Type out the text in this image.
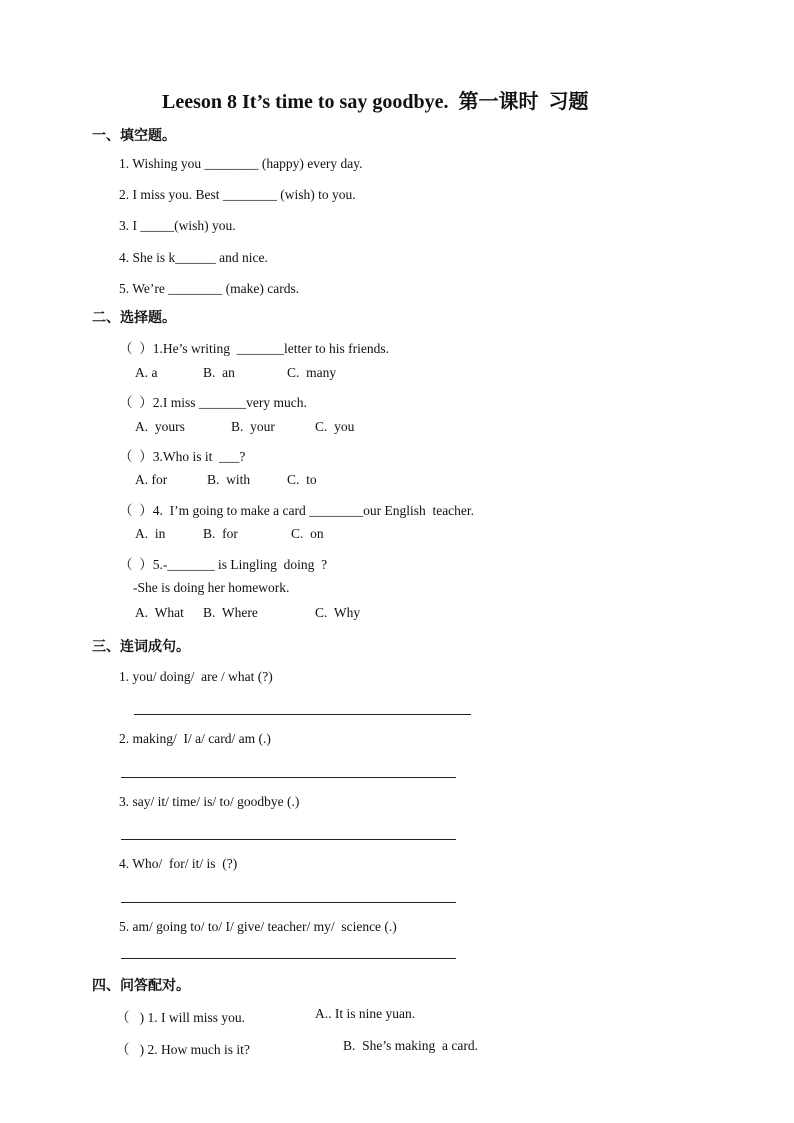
Leeson 8 It’s time to say goodbye.  第一课时  习题
一、填空题。
1. Wishing you ________ (happy) every day.
2. I miss you. Best ________ (wish) to you.
3. I _____(wish) you.
4. She is k______ and nice.
5. We’re ________ (make) cards.
二、选择题。
（  ）1.He’s writing  _______letter to his friends.
A. a	B.  an	C.  many
（  ）2.I miss _______very much.
A.  yours	B.  your	C.  you
（  ）3.Who is it  ___?
A. for	B.  with	C.  to
（  ）4.  I’m going to make a card ________our English  teacher.
A.  in	B.  for	C.  on
（  ）5.-_______ is Lingling  doing  ?
-She is doing her homework.
A.  What B.  Where	C.  Why
三、连词成句。
1. you/ doing/  are / what (?)
2. making/  I/ a/ card/ am (.)
3. say/ it/ time/ is/ to/ goodbye (.)
4. Who/  for/ it/ is  (?)
5. am/ going to/ to/ I/ give/ teacher/ my/  science (.)
四、问答配对。
（   ) 1. I will miss you.	A.. It is nine yuan.
（   ) 2. How much is it?	B.  She’s making  a card.
